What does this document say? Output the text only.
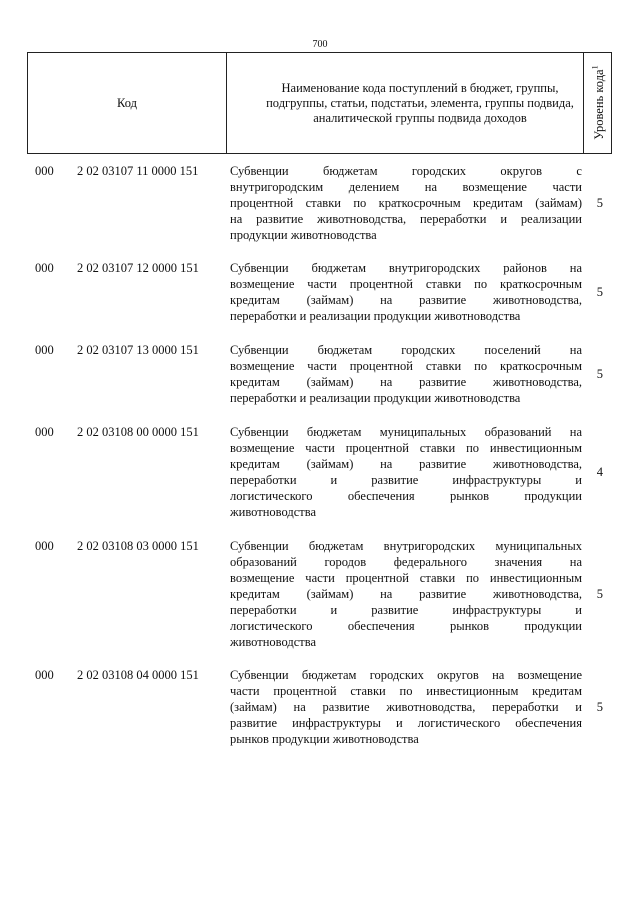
700
Код
Наименование кода поступлений в бюджет, группы,
подгруппы, статьи, подстатьи, элемента, группы подвида,
аналитической группы подвида доходов	Уровень кода$^1$
000 2 02 03107 11 0000 151	Субвенции бюджетам городских округов с
внутригородским делением на возмещение части
процентной ставки по краткосрочным кредитам (займам)
на развитие животноводства, переработки и реализации
продукции животноводства
5
000 2 02 03107 12 0000 151 Субвенции бюджетам внутригородских районов на
возмещение части процентной ставки по краткосрочным
кредитам (займам) на развитие животноводства,
переработки и реализации продукции животноводства
5
000 2 02 03107 13 0000 151 Субвенции бюджетам городских поселений на
возмещение части процентной ставки по краткосрочным
кредитам (займам) на развитие животноводства,
переработки и реализации продукции животноводства
5
000 2 02 03108 00 0000 151 Субвенции бюджетам муниципальных образований на
возмещение части процентной ставки по инвестиционным
кредитам (займам) на развитие животноводства,
переработки и развитие инфраструктуры и
логистического обеспечения рынков продукции
животноводства
4
000 2 02 03108 03 0000 151 Субвенции бюджетам внутригородских муниципальных
образований городов федерального значения на
возмещение части процентной ставки по инвестиционным
кредитам (займам) на развитие животноводства,
переработки и развитие инфраструктуры и
логистического обеспечения рынков продукции
животноводства
5
000 2 02 03108 04 0000 151 Субвенции бюджетам городских округов на возмещение
части процентной ставки по инвестиционным кредитам
(займам) на развитие животноводства, переработки и
развитие инфраструктуры и логистического обеспечения
рынков продукции животноводства
5
